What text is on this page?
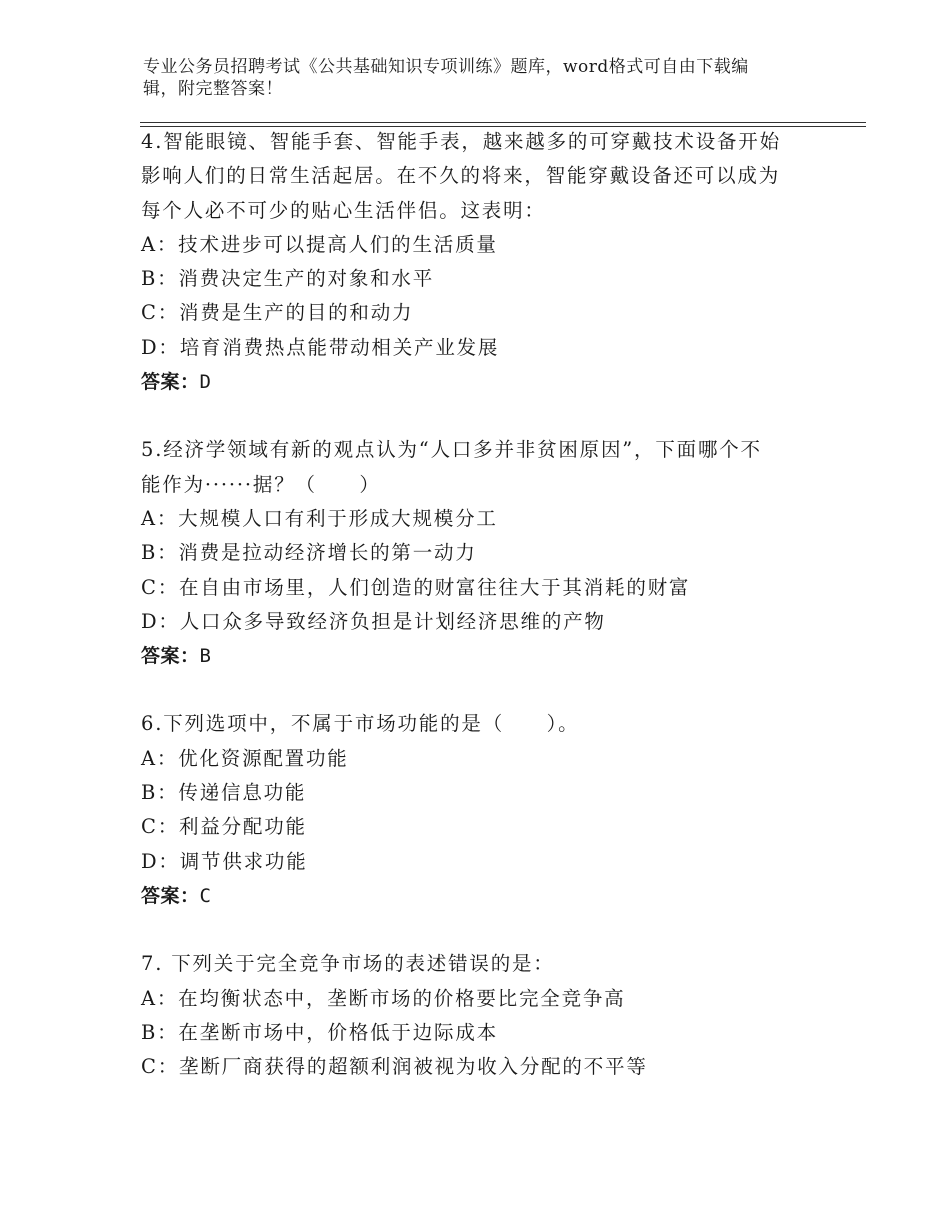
专业公务员招聘考试《公共基础知识专项训练》题库，word格式可自由下载编
辑，附完整答案！
4.智能眼镜、智能手套、智能手表，越来越多的可穿戴技术设备开始
影响人们的日常生活起居。在不久的将来，智能穿戴设备还可以成为
每个人必不可少的贴心生活伴侣。这表明：
A：技术进步可以提高人们的生活质量
B：消费决定生产的对象和水平
C：消费是生产的目的和动力
D：培育消费热点能带动相关产业发展
答案：D
5.经济学领域有新的观点认为“人口多并非贫困原因”，下面哪个不
能作为······据？（　　）
A：大规模人口有利于形成大规模分工
B：消费是拉动经济增长的第一动力
C：在自由市场里，人们创造的财富往往大于其消耗的财富
D：人口众多导致经济负担是计划经济思维的产物
答案：B
6.下列选项中，不属于市场功能的是（　　）。
A：优化资源配置功能
B：传递信息功能
C：利益分配功能
D：调节供求功能
答案：C
7. 下列关于完全竞争市场的表述错误的是：
A：在均衡状态中，垄断市场的价格要比完全竞争高
B：在垄断市场中，价格低于边际成本
C：垄断厂商获得的超额利润被视为收入分配的不平等
